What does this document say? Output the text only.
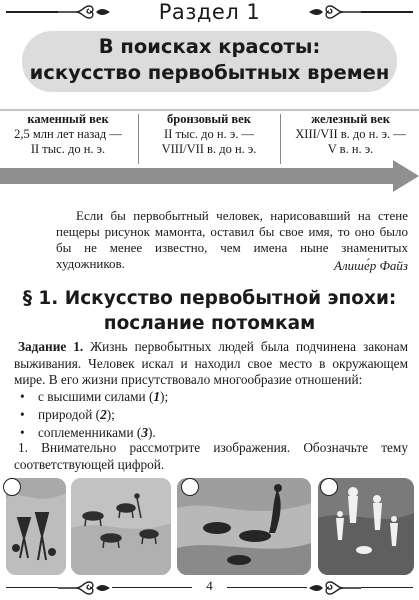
Раздел 1
В поисках красоты:
искусство первобытных времен
каменный век
2,5 млн лет назад —
II тыс. до н. э.
бронзовый век
II тыс. до н. э. —
VIII/VII в. до н. э.
железный век
XIII/VII в. до н. э. —
V в. н. э.
Если бы первобытный человек, нарисовавший на стене пещеры рисунок мамонта, оставил бы свое имя, то оно было бы не менее известно, чем имена ныне знаменитых художников.	Алише́р Файз
§ 1. Искусство первобытной эпохи:
послание потомкам
Задание 1. Жизнь первобытных людей была подчинена законам выживания. Человек искал и находил свое место в окружающем мире. В его жизни присутствовало многообразие отношений:
• с высшими силами (1);
• природой (2);
• соплеменниками (3).
1. Внимательно рассмотрите изображения. Обозначьте тему соответствующей цифрой.
4
